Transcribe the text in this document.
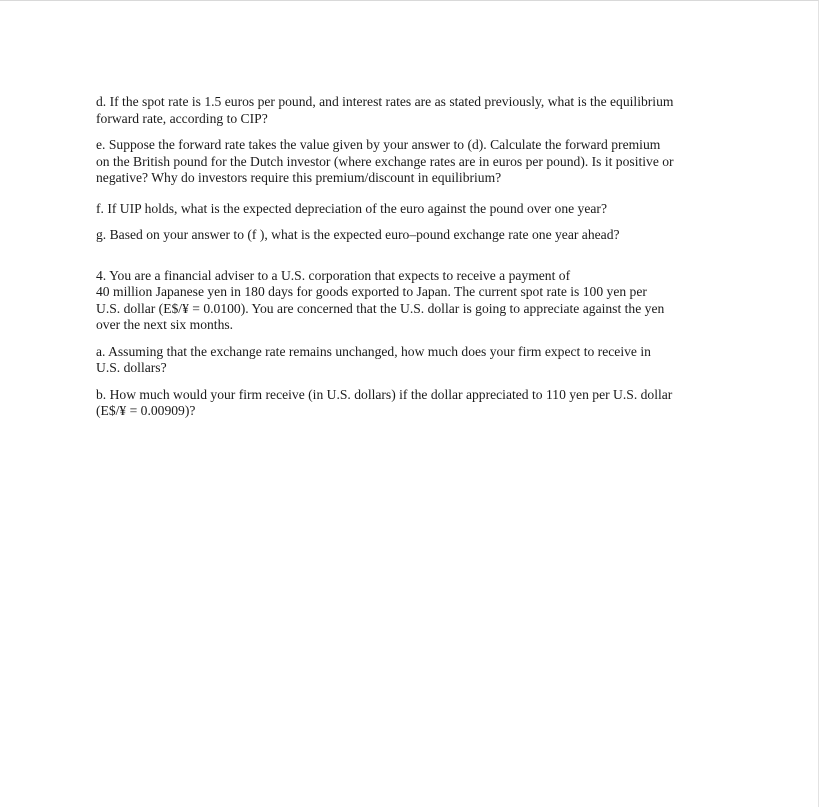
d. If the spot rate is 1.5 euros per pound, and interest rates are as stated previously, what is the equilibrium
forward rate, according to CIP?

e. Suppose the forward rate takes the value given by your answer to (d). Calculate the forward premium
on the British pound for the Dutch investor (where exchange rates are in euros per pound). Is it positive or
negative? Why do investors require this premium/discount in equilibrium?

f. If UIP holds, what is the expected depreciation of the euro against the pound over one year?

g. Based on your answer to (f ), what is the expected euro–pound exchange rate one year ahead?

4. You are a financial adviser to a U.S. corporation that expects to receive a payment of
40 million Japanese yen in 180 days for goods exported to Japan. The current spot rate is 100 yen per
U.S. dollar (E$/¥ = 0.0100). You are concerned that the U.S. dollar is going to appreciate against the yen
over the next six months.

a. Assuming that the exchange rate remains unchanged, how much does your firm expect to receive in
U.S. dollars?

b. How much would your firm receive (in U.S. dollars) if the dollar appreciated to 110 yen per U.S. dollar
(E$/¥ = 0.00909)?
